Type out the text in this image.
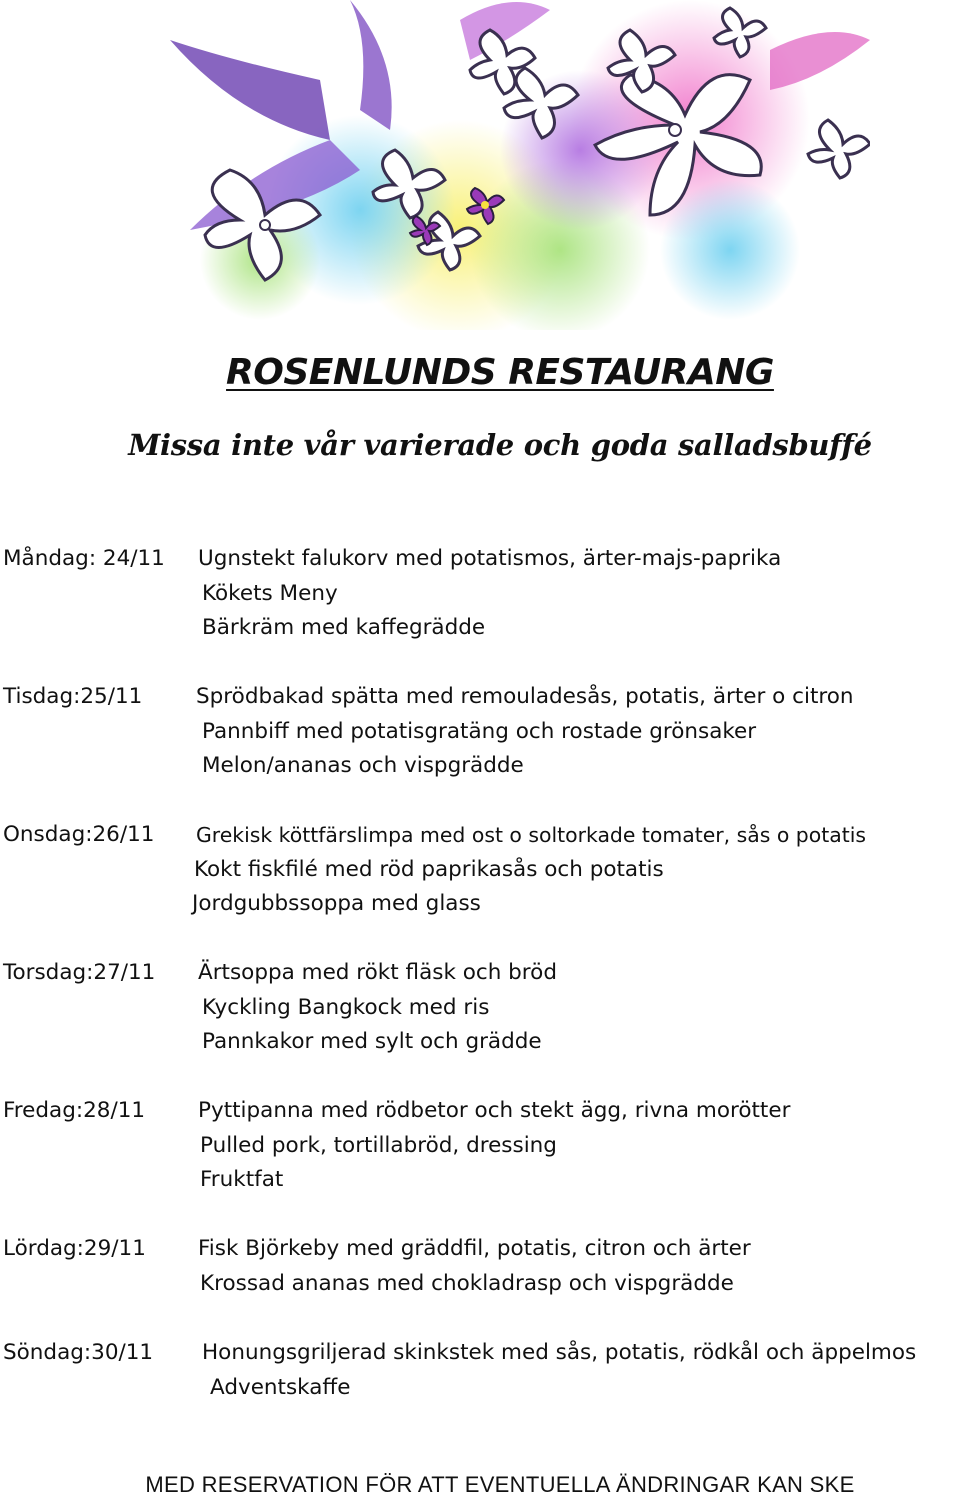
ROSENLUNDS RESTAURANG
Missa inte vår varierade och goda salladsbuffé
Måndag: 24/11 Ugnstekt falukorv med potatismos, ärter-majs-paprika
Kökets Meny
Bärkräm med kaffegrädde
Tisdag:25/11 Sprödbakad spätta med remouladesås, potatis, ärter o citron
Pannbiff med potatisgratäng och rostade grönsaker
Melon/ananas och vispgrädde
Onsdag:26/11 Grekisk köttfärslimpa med ost o soltorkade tomater, sås o potatis
Kokt fiskfilé med röd paprikasås och potatis
Jordgubbssoppa med glass
Torsdag:27/11 Ärtsoppa med rökt fläsk och bröd
Kyckling Bangkock med ris
Pannkakor med sylt och grädde
Fredag:28/11 Pyttipanna med rödbetor och stekt ägg, rivna morötter
Pulled pork, tortillabröd, dressing
Fruktfat
Lördag:29/11 Fisk Björkeby med gräddfil, potatis, citron och ärter
Krossad ananas med chokladrasp och vispgrädde
Söndag:30/11 Honungsgriljerad skinkstek med sås, potatis, rödkål och äppelmos
Adventskaffe

MED RESERVATION FÖR ATT EVENTUELLA ÄNDRINGAR KAN SKE
